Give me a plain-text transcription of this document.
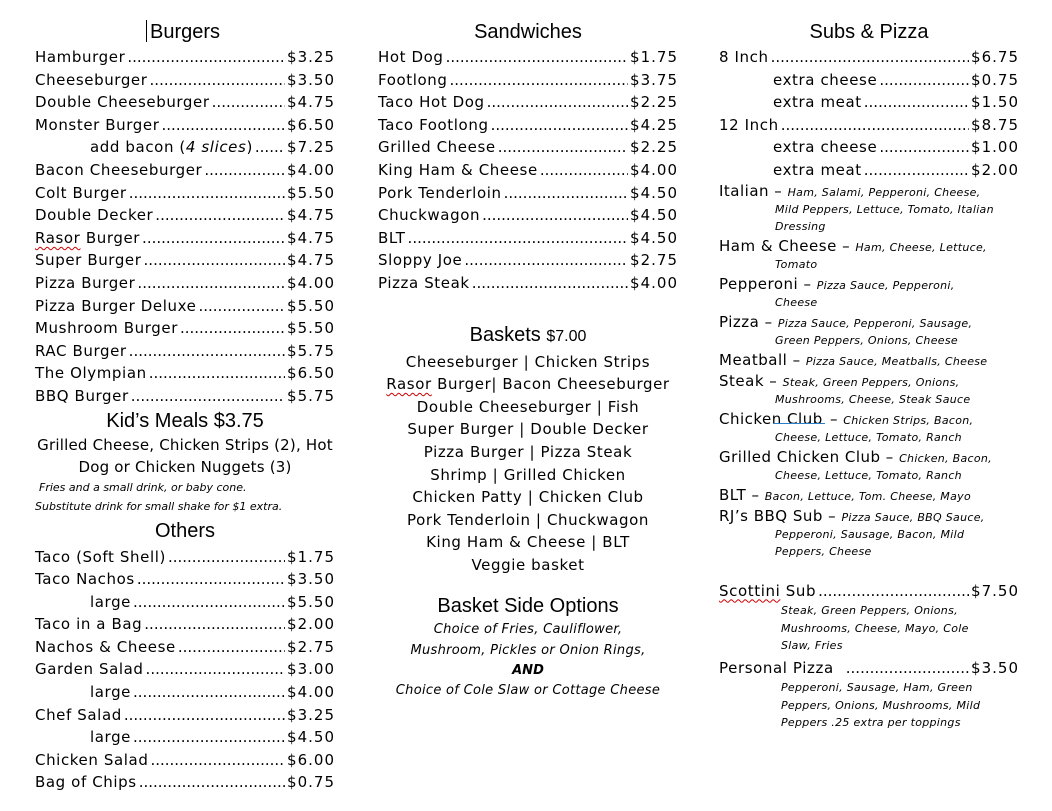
Burgers
Hamburger .....	$3.25
Cheeseburger .....	$3.50
Double Cheeseburger .....	$4.75
Monster Burger .....	$6.50
add bacon (4 slices) ..... $7.25
Bacon Cheeseburger .....	$4.00
Colt Burger .....	$5.50
Double Decker .....	$4.75
Rasor Burger .....	$4.75
Super Burger .....	$4.75
Pizza Burger .....	$4.00
Pizza Burger Deluxe .....	$5.50
Mushroom Burger .....	$5.50
RAC Burger .....	$5.75
The Olympian .....	$6.50
BBQ Burger .....	$5.75
Kid’s Meals $3.75
Grilled Cheese, Chicken Strips (2), Hot
Dog or Chicken Nuggets (3)
Fries and a small drink, or baby cone.
Substitute drink for small shake for $1 extra.
Others
Taco (Soft Shell) .....	$1.75
Taco Nachos .....	$3.50
large .....	$5.50
Taco in a Bag .....	$2.00
Nachos & Cheese .....	$2.75
Garden Salad .....	$3.00
large .....	$4.00
Chef Salad .....	$3.25
large .....	$4.50
Chicken Salad .....	$6.00
Bag of Chips .....	$0.75
Sandwiches
Hot Dog .....	$1.75
Footlong .....	$3.75
Taco Hot Dog .....	$2.25
Taco Footlong .....	$4.25
Grilled Cheese .....	$2.25
King Ham & Cheese .....	$4.00
Pork Tenderloin .....	$4.50
Chuckwagon .....	$4.50
BLT .....	$4.50
Sloppy Joe .....	$2.75
Pizza Steak .....	$4.00
Baskets $7.00
Cheeseburger | Chicken Strips
Rasor Burger| Bacon Cheeseburger
Double Cheeseburger | Fish
Super Burger | Double Decker
Pizza Burger | Pizza Steak
Shrimp | Grilled Chicken
Chicken Patty | Chicken Club
Pork Tenderloin | Chuckwagon
King Ham & Cheese | BLT
Veggie basket
Basket Side Options
Choice of Fries, Cauliflower,
Mushroom, Pickles or Onion Rings,
AND
Choice of Cole Slaw or Cottage Cheese
Subs & Pizza
8 Inch .....	$6.75
extra cheese .....	$0.75
extra meat .....	$1.50
12 Inch .....	$8.75
extra cheese .....	$1.00
extra meat .....	$2.00
Italian – Ham, Salami, Pepperoni, Cheese,
Mild Peppers, Lettuce, Tomato, Italian
Dressing
Ham & Cheese – Ham, Cheese, Lettuce,
Tomato
Pepperoni – Pizza Sauce, Pepperoni,
Cheese
Pizza – Pizza Sauce, Pepperoni, Sausage,
Green Peppers, Onions, Cheese
Meatball – Pizza Sauce, Meatballs, Cheese
Steak – Steak, Green Peppers, Onions,
Mushrooms, Cheese, Steak Sauce
Chicken Club – Chicken Strips, Bacon,
Cheese, Lettuce, Tomato, Ranch
Grilled Chicken Club – Chicken, Bacon,
Cheese, Lettuce, Tomato, Ranch
BLT – Bacon, Lettuce, Tom. Cheese, Mayo
RJ’s BBQ Sub – Pizza Sauce, BBQ Sauce,
Pepperoni, Sausage, Bacon, Mild
Peppers, Cheese
Scottini Sub .....	$7.50
Steak, Green Peppers, Onions,
Mushrooms, Cheese, Mayo, Cole
Slaw, Fries
Personal Pizza .....	$3.50
Pepperoni, Sausage, Ham, Green
Peppers, Onions, Mushrooms, Mild
Peppers .25 extra per toppings
